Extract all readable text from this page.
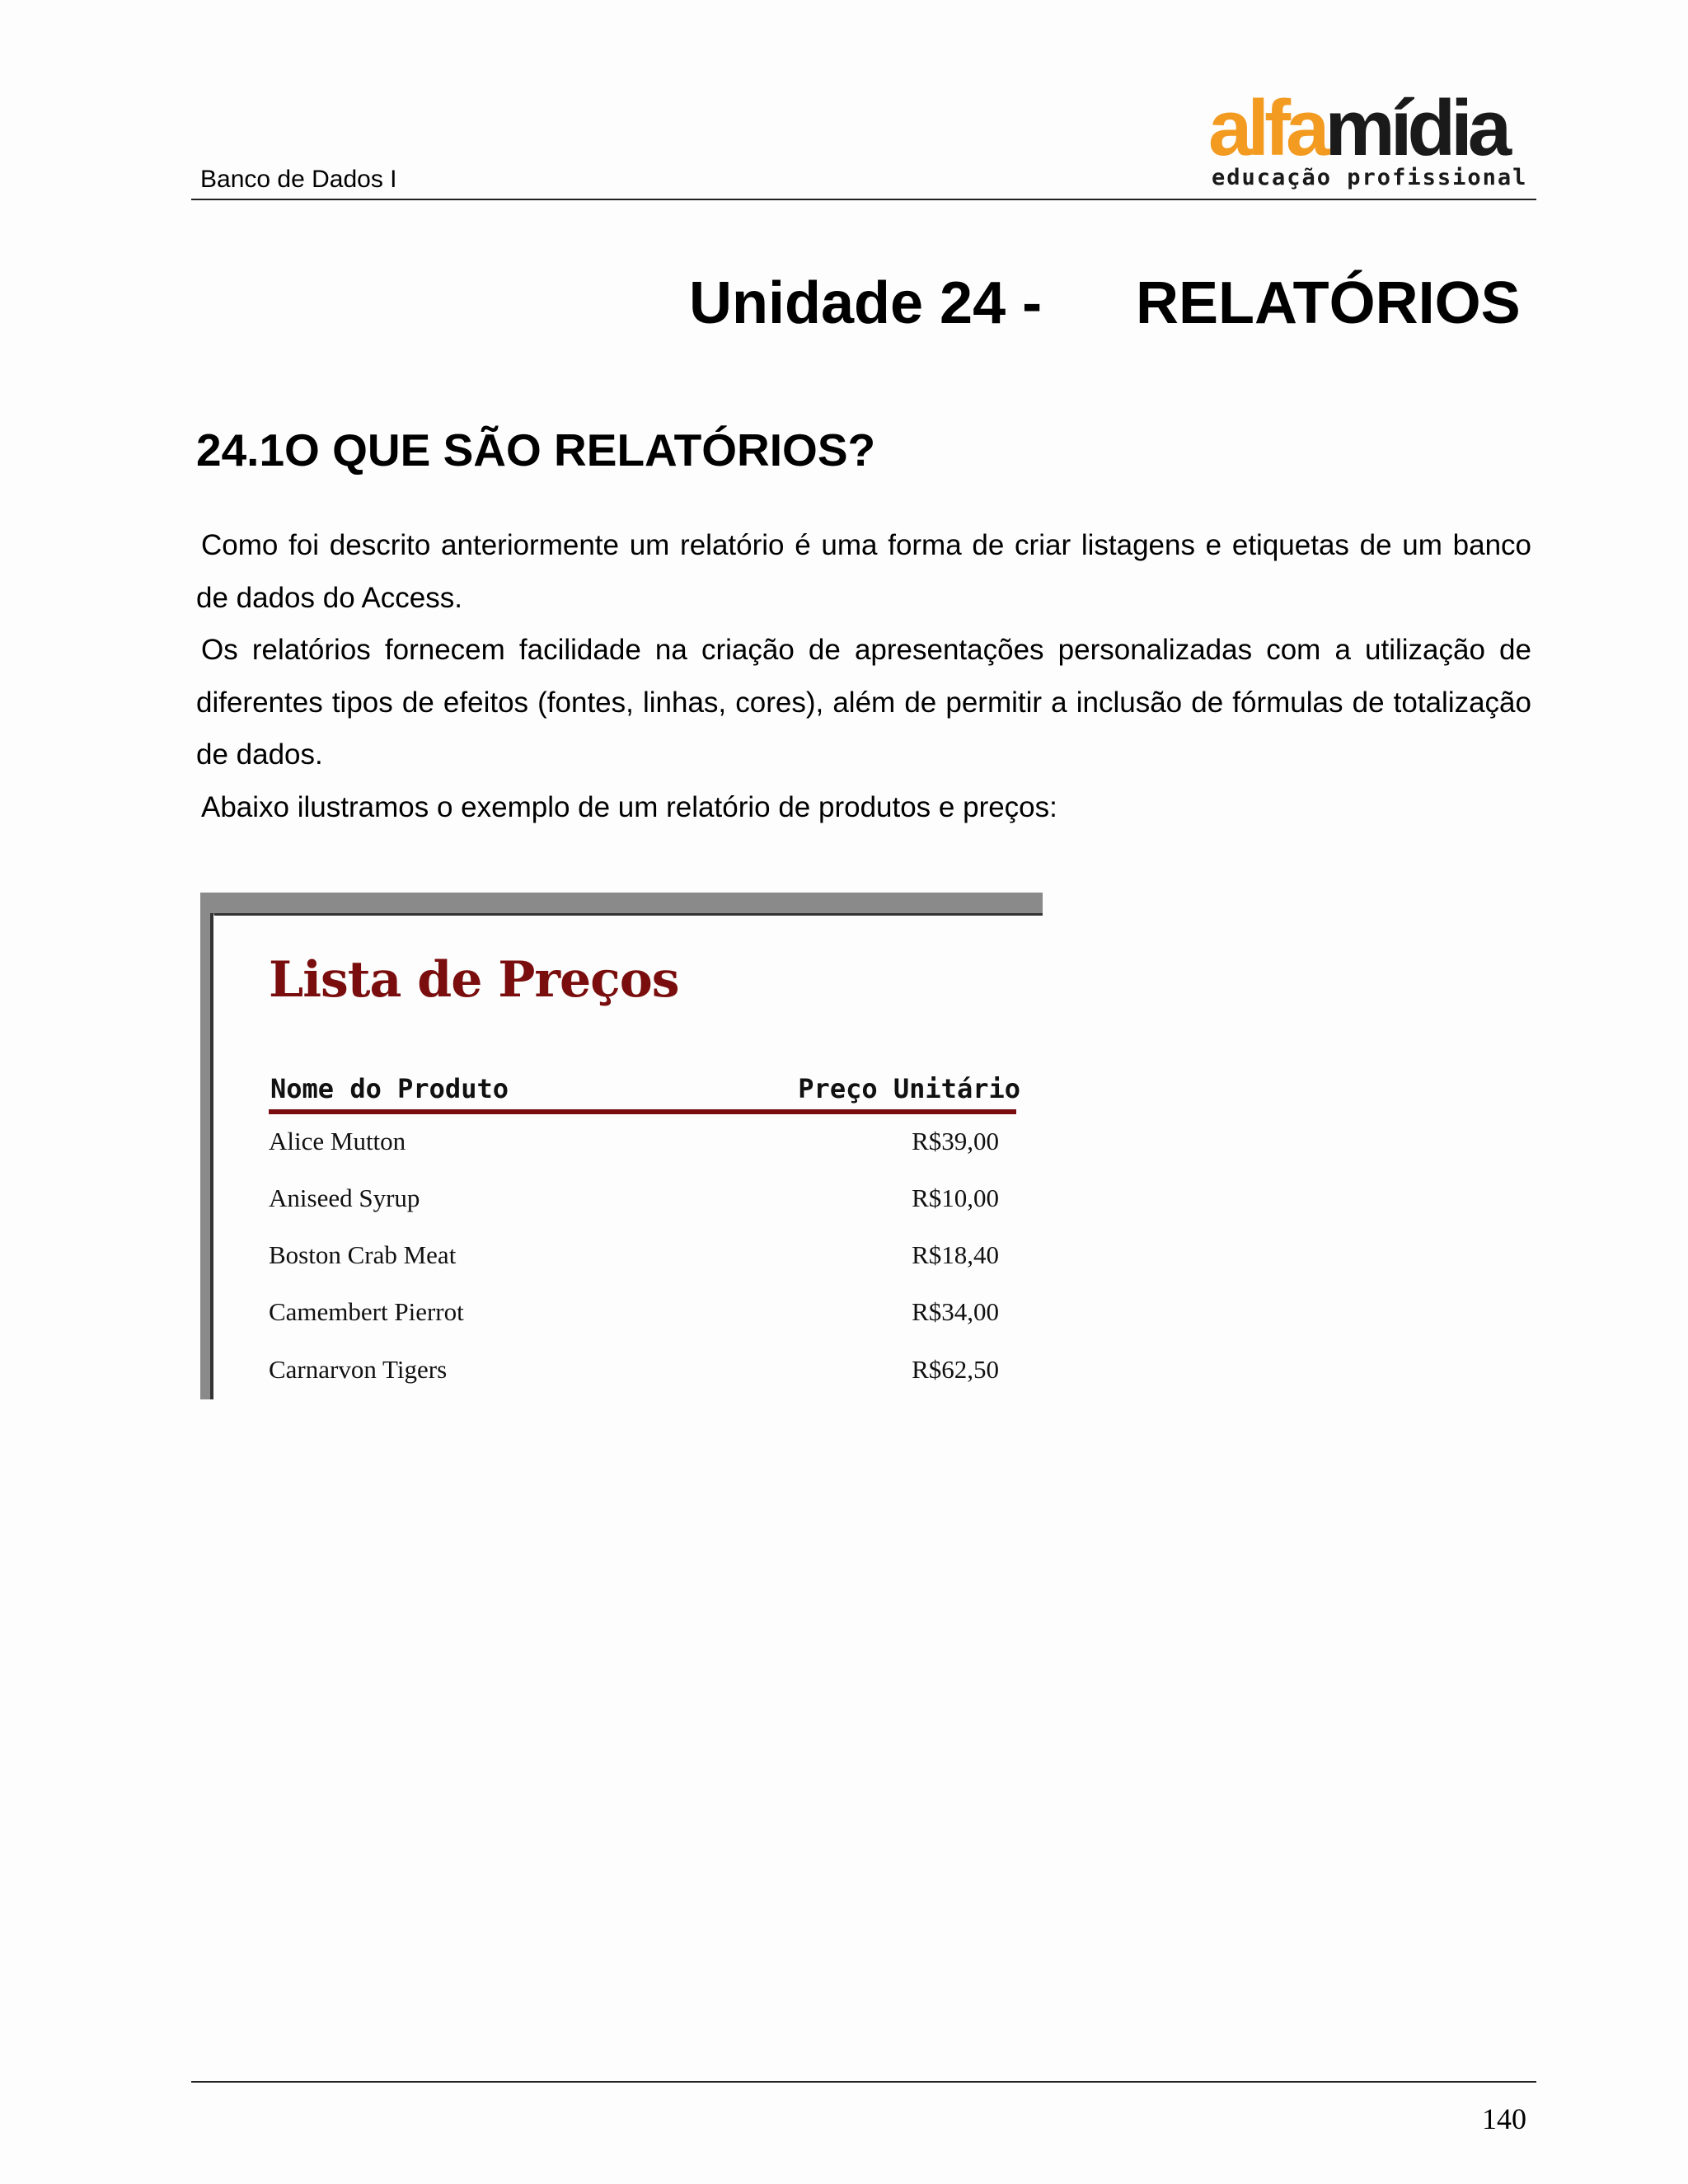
Banco de Dados I
alfamídia
educação profissional
Unidade 24 - RELATÓRIOS
24.1O QUE SÃO RELATÓRIOS?

Como foi descrito anteriormente um relatório é uma forma de criar listagens e etiquetas de um banco de dados do Access.

Os relatórios fornecem facilidade na criação de apresentações personalizadas com a utilização de diferentes tipos de efeitos (fontes, linhas, cores), além de permitir a inclusão de fórmulas de totalização de dados.

Abaixo ilustramos o exemplo de um relatório de produtos e preços:

Lista de Preços
Nome do Produto	Preço Unitário
Alice Mutton	R$39,00
Aniseed Syrup	R$10,00
Boston Crab Meat	R$18,40
Camembert Pierrot	R$34,00
Carnarvon Tigers	R$62,50
140
